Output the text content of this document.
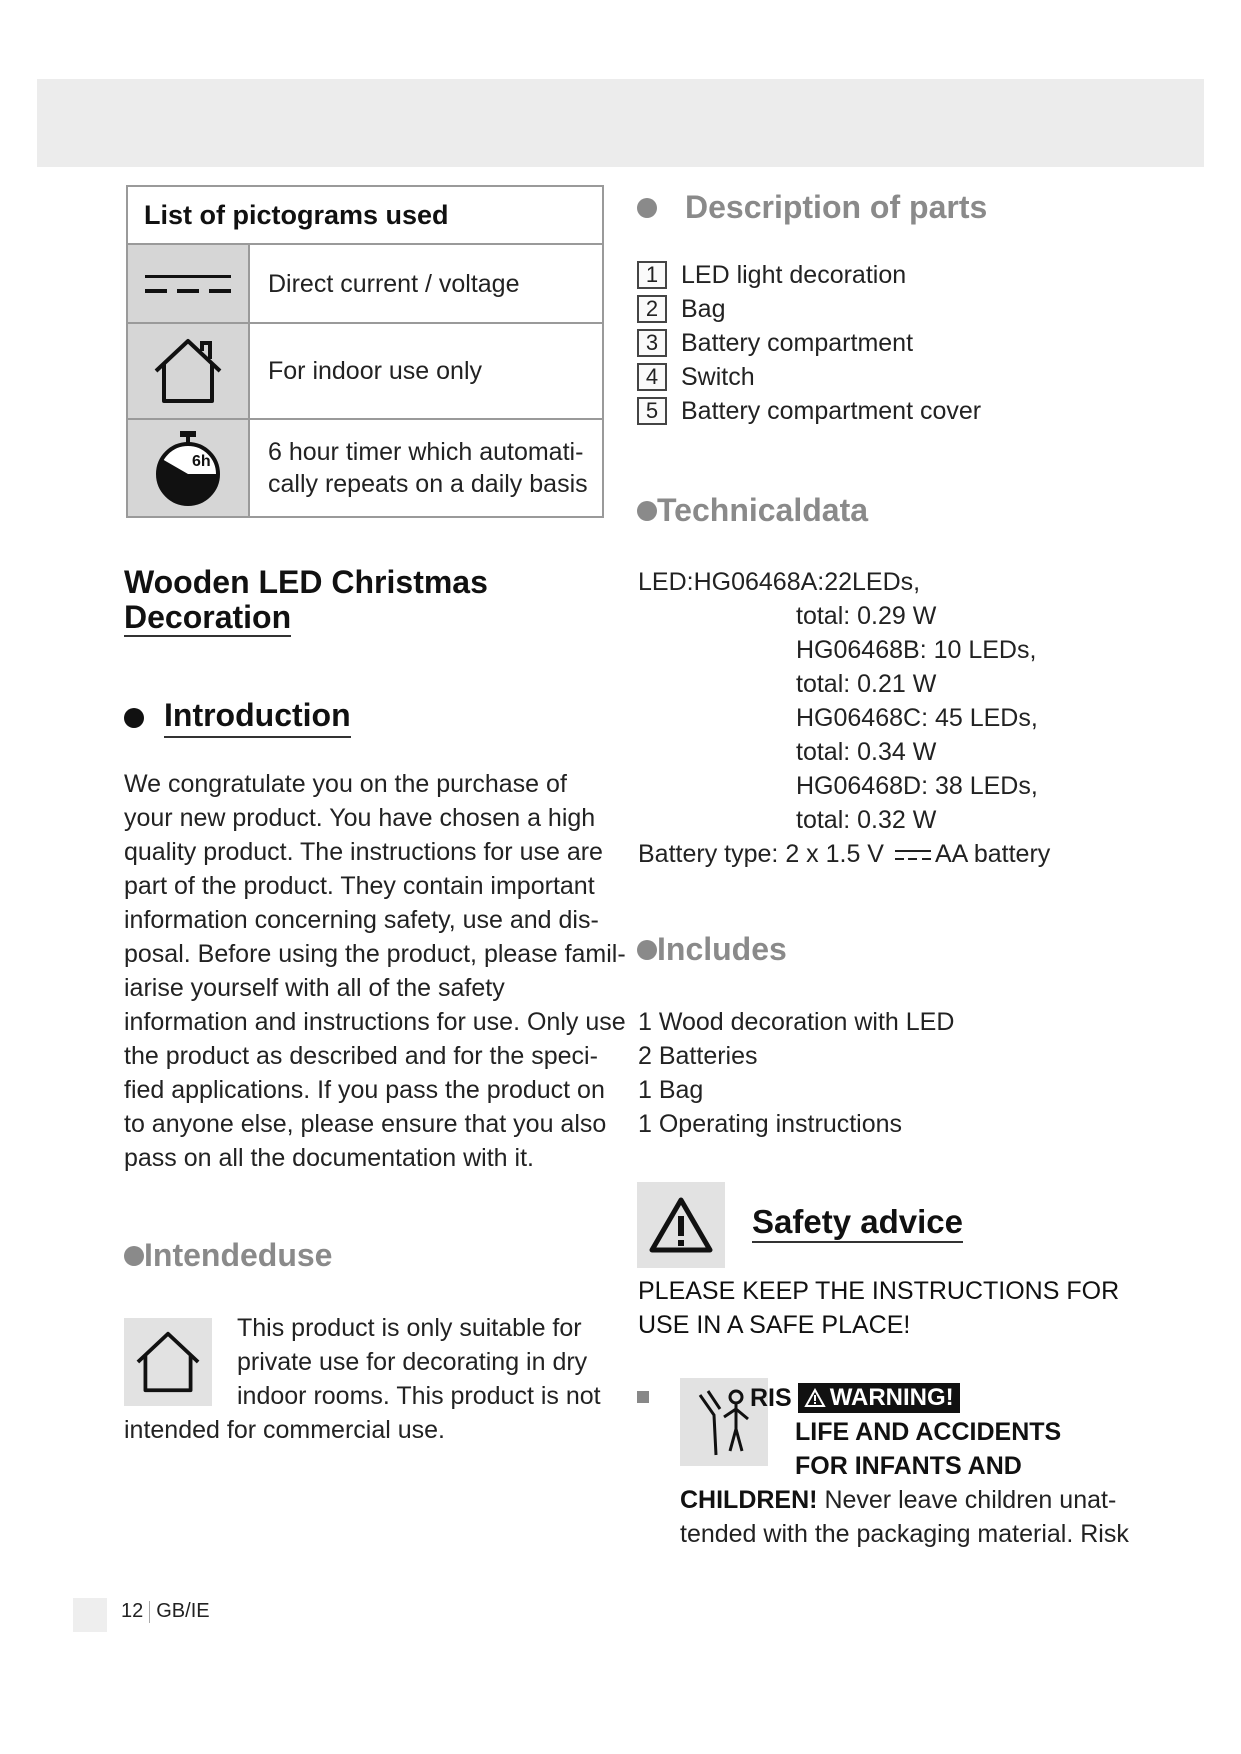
List of pictograms used
Direct current / voltage
For indoor use only
6h 6 hour timer which automati-
cally repeats on a daily basis
Wooden LED Christmas
Decoration
Introduction
We congratulate you on the purchase of
your new product. You have chosen a high
quality product. The instructions for use are
part of the product. They contain important
information concerning safety, use and dis-
posal. Before using the product, please famil-
iarise yourself with all of the safety
information and instructions for use. Only use
the product as described and for the speci-
fied applications. If you pass the product on
to anyone else, please ensure that you also
pass on all the documentation with it.
Intendeduse
This product is only suitable for
private use for decorating in dry
indoor rooms. This product is not
intended for commercial use.
Description of parts
1 LED light decoration
2 Bag
3 Battery compartment
4 Switch
5 Battery compartment cover
Technicaldata
LED:HG06468A:22LEDs,
total: 0.29 W
HG06468B: 10 LEDs,
total: 0.21 W
HG06468C: 45 LEDs,
total: 0.34 W
HG06468D: 38 LEDs,
total: 0.32 W
Battery type: 2 x 1.5 V AA battery
Includes
1 Wood decoration with LED
2 Batteries
1 Bag
1 Operating instructions
Safety advice
PLEASE KEEP THE INSTRUCTIONS FOR
USE IN A SAFE PLACE!
RIS WARNING!
LIFE AND ACCIDENTS
FOR INFANTS AND
CHILDREN! Never leave children unat-
tended with the packaging material. Risk
12 GB/IE
